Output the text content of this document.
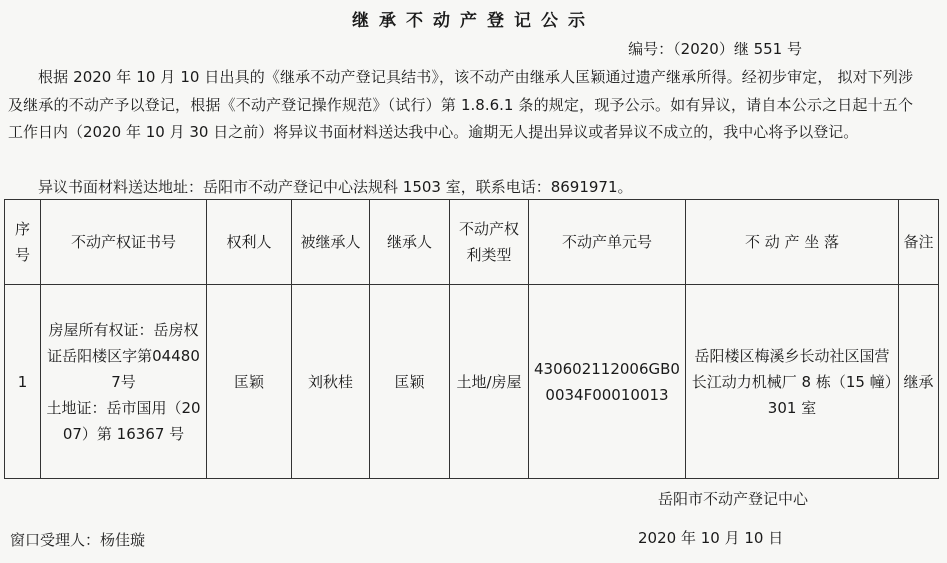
继承不动产登记公示
编号：（2020）继 551 号

根据 2020 年 10 月 10 日出具的《继承不动产登记具结书》，该不动产由继承人匡颖通过遗产继承所得。经初步审定， 拟对下列涉及继承的不动产予以登记，根据《不动产登记操作规范》（试行）第 1.8.6.1 条的规定，现予公示。如有异议，请自本公示之日起十五个工作日内（2020 年 10 月 30 日之前）将异议书面材料送达我中心。逾期无人提出异议或者异议不成立的，我中心将予以登记。

异议书面材料送达地址：岳阳市不动产登记中心法规科 1503 室，联系电话：8691971。
序号	不动产权证书号	权利人	被继承人	继承人	不动产权利类型	不动产单元号	不 动 产 坐 落	备注
1	房屋所有权证：岳房权证岳阳楼区字第044807号
土地证：岳市国用（2007）第 16367 号	匡颖	刘秋桂	匡颖	土地/房屋	430602112006GB00034F00010013	岳阳楼区梅溪乡长动社区国营长江动力机械厂 8 栋（15 幢）301 室	继承
岳阳市不动产登记中心
窗口受理人：杨佳璇	2020 年 10 月 10 日
